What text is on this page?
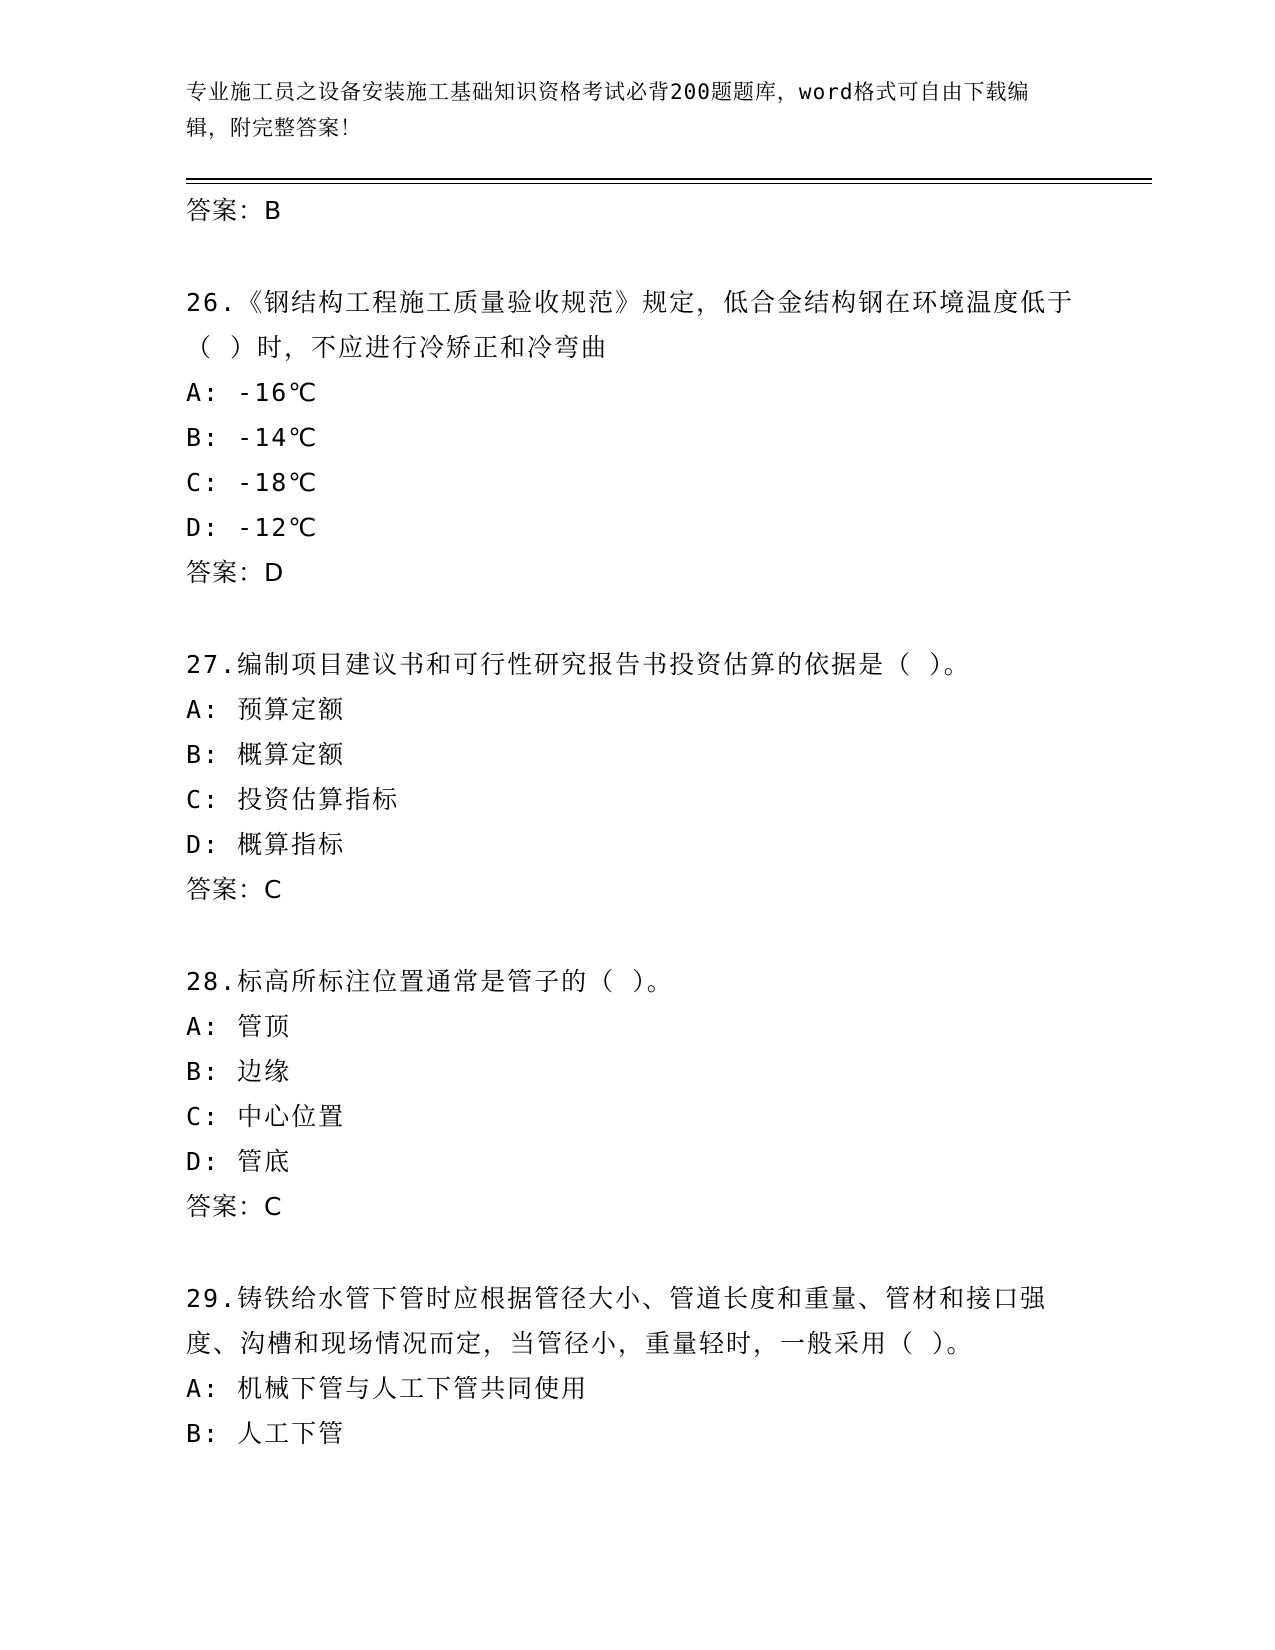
专业施工员之设备安装施工基础知识资格考试必背200题题库，word格式可自由下载编辑，附完整答案！
答案：B
26.《钢结构工程施工质量验收规范》规定，低合金结构钢在环境温度低于（ ）时，不应进行冷矫正和冷弯曲
A: -16℃
B: -14℃
C: -18℃
D: -12℃
答案：D
27.编制项目建议书和可行性研究报告书投资估算的依据是（ ）。
A: 预算定额
B: 概算定额
C: 投资估算指标
D: 概算指标
答案：C
28.标高所标注位置通常是管子的（ ）。
A: 管顶
B: 边缘
C: 中心位置
D: 管底
答案：C
29.铸铁给水管下管时应根据管径大小、管道长度和重量、管材和接口强度、沟槽和现场情况而定，当管径小，重量轻时，一般采用（ ）。
A: 机械下管与人工下管共同使用
B: 人工下管
